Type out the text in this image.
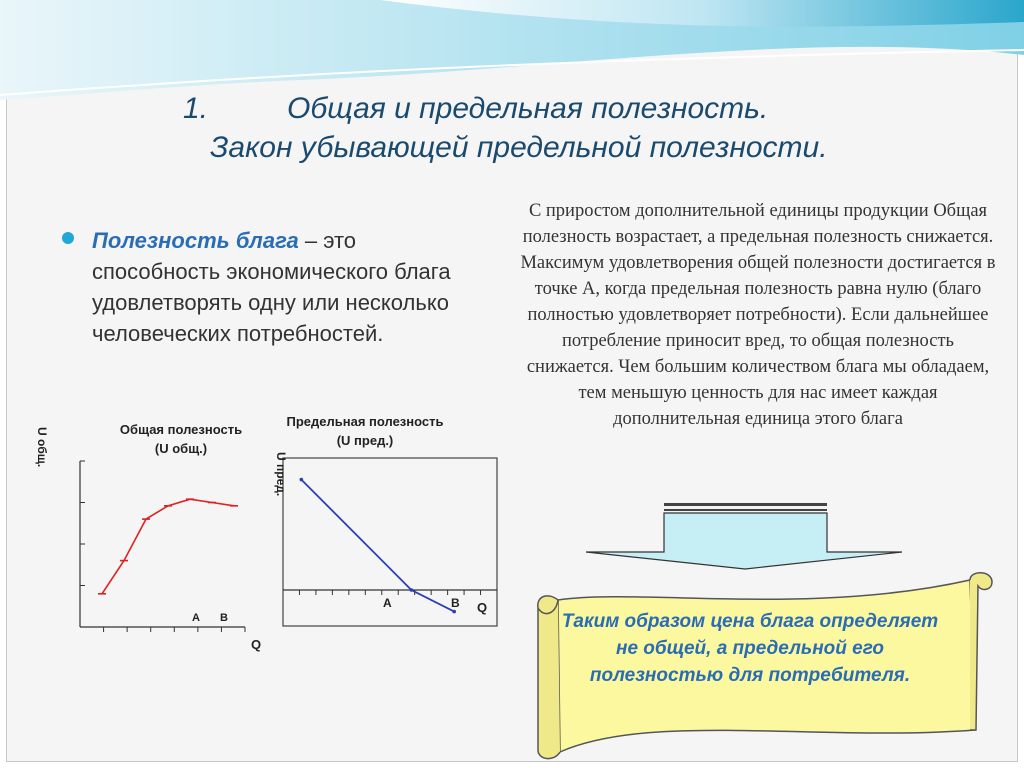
1.	Общая и предельная полезность.
Закон убывающей предельной полезности.
Полезность блага – это способность экономического блага удовлетворять одну или несколько человеческих потребностей.
С приростом дополнительной единицы продукции Общая полезность возрастает, а предельная полезность снижается. Максимум удовлетворения общей полезности достигается в точке А, когда предельная полезность равна нулю (благо полностью удовлетворяет потребности). Если дальнейшее потребление приносит вред, то общая полезность снижается. Чем большим количеством блага мы обладаем, тем меньшую ценность для нас имеет каждая дополнительная единица этого блага
Общая полезность
(U общ.)
Предельная полезность
(U пред.)
U общ.
Q
A B
U пред.
Q
A	B
Таким образом цена блага определяет не общей, а предельной его полезностью для потребителя.
